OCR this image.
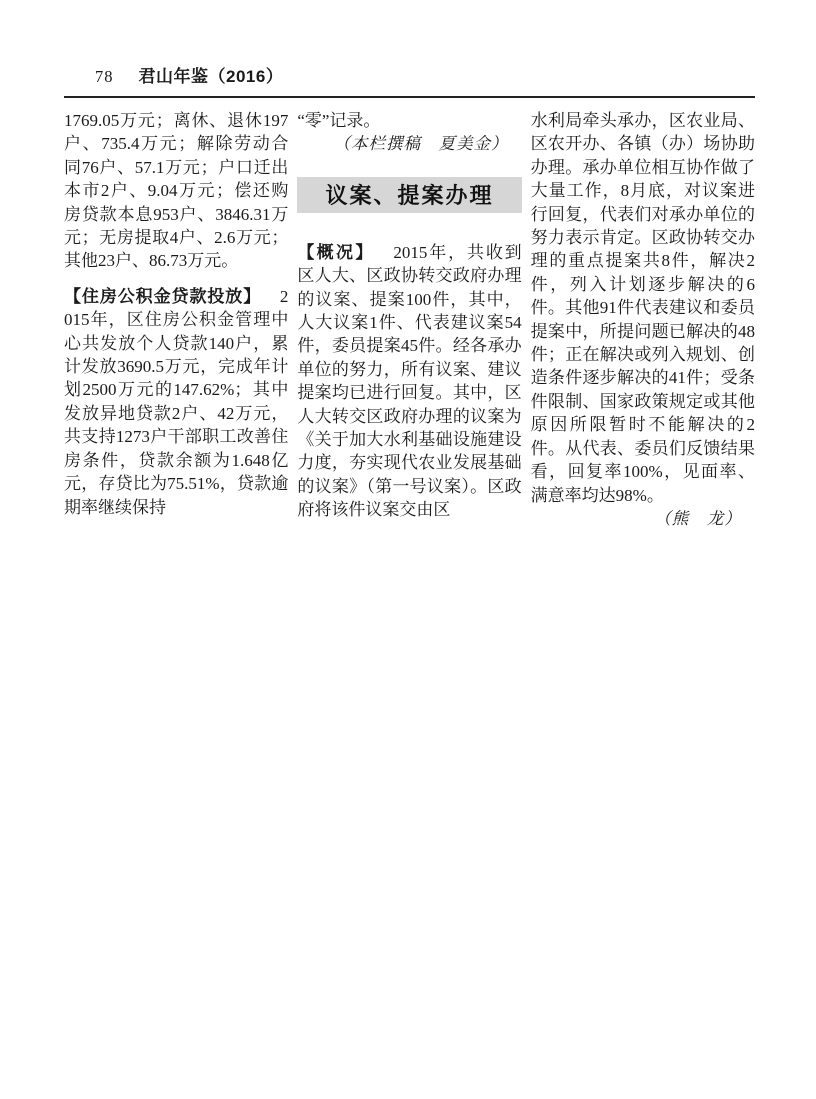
78 君山年鉴（2016）

1769.05万元；离休、退休197户、735.4万元；解除劳动合同76户、57.1万元；户口迁出本市2户、9.04万元；偿还购房贷款本息953户、3846.31万元；无房提取4户、2.6万元；其他23户、86.73万元。

【住房公积金贷款投放】 2015年，区住房公积金管理中心共发放个人贷款140户，累计发放3690.5万元，完成年计划2500万元的147.62%；其中发放异地贷款2户、42万元，共支持1273户干部职工改善住房条件，贷款余额为1.648亿元，存贷比为75.51%，贷款逾期率继续保持

“零”记录。

（本栏撰稿　夏美金）

议案、提案办理

【概况】 2015年，共收到区人大、区政协转交政府办理的议案、提案100件，其中，人大议案1件、代表建议案54件，委员提案45件。经各承办单位的努力，所有议案、建议提案均已进行回复。其中，区人大转交区政府办理的议案为《关于加大水利基础设施建设力度，夯实现代农业发展基础的议案》（第一号议案）。区政府将该件议案交由区

水利局牵头承办，区农业局、区农开办、各镇（办）场协助办理。承办单位相互协作做了大量工作，8月底，对议案进行回复，代表们对承办单位的努力表示肯定。区政协转交办理的重点提案共8件，解决2件，列入计划逐步解决的6件。其他91件代表建议和委员提案中，所提问题已解决的48件；正在解决或列入规划、创造条件逐步解决的41件；受条件限制、国家政策规定或其他原因所限暂时不能解决的2件。从代表、委员们反馈结果看，回复率100%，见面率、满意率均达98%。

（熊　龙）
